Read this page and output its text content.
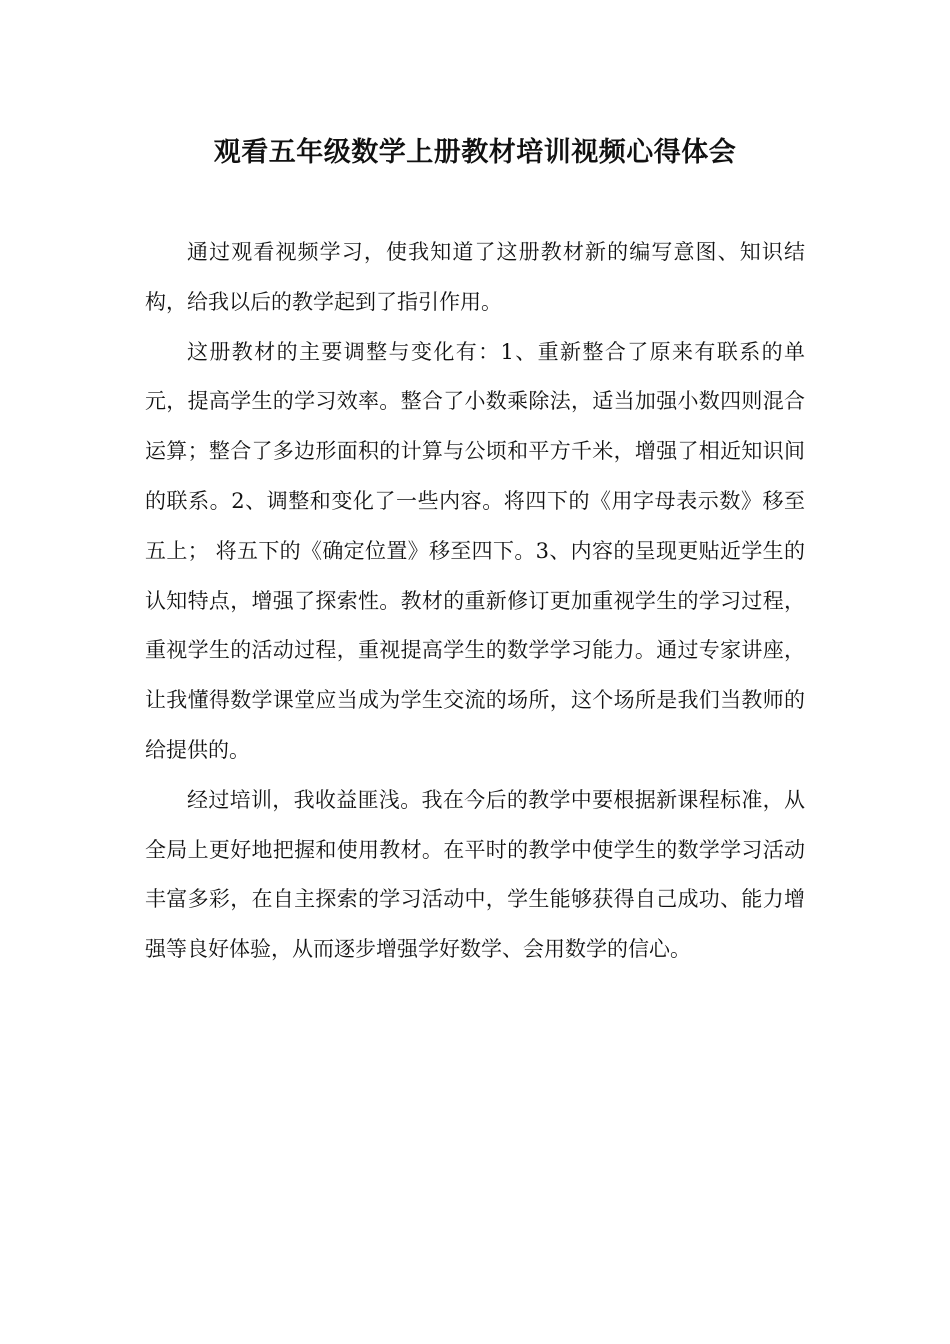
观看五年级数学上册教材培训视频心得体会

通过观看视频学习，使我知道了这册教材新的编写意图、知识结构，给我以后的教学起到了指引作用。

这册教材的主要调整与变化有：1、重新整合了原来有联系的单元，提高学生的学习效率。整合了小数乘除法，适当加强小数四则混合运算；整合了多边形面积的计算与公顷和平方千米，增强了相近知识间的联系。2、调整和变化了一些内容。将四下的《用字母表示数》移至五上； 将五下的《确定位置》移至四下。3、内容的呈现更贴近学生的认知特点，增强了探索性。教材的重新修订更加重视学生的学习过程，重视学生的活动过程，重视提高学生的数学学习能力。通过专家讲座，让我懂得数学课堂应当成为学生交流的场所，这个场所是我们当教师的给提供的。

经过培训，我收益匪浅。我在今后的教学中要根据新课程标准，从全局上更好地把握和使用教材。在平时的教学中使学生的数学学习活动丰富多彩，在自主探索的学习活动中，学生能够获得自己成功、能力增强等良好体验，从而逐步增强学好数学、会用数学的信心。
